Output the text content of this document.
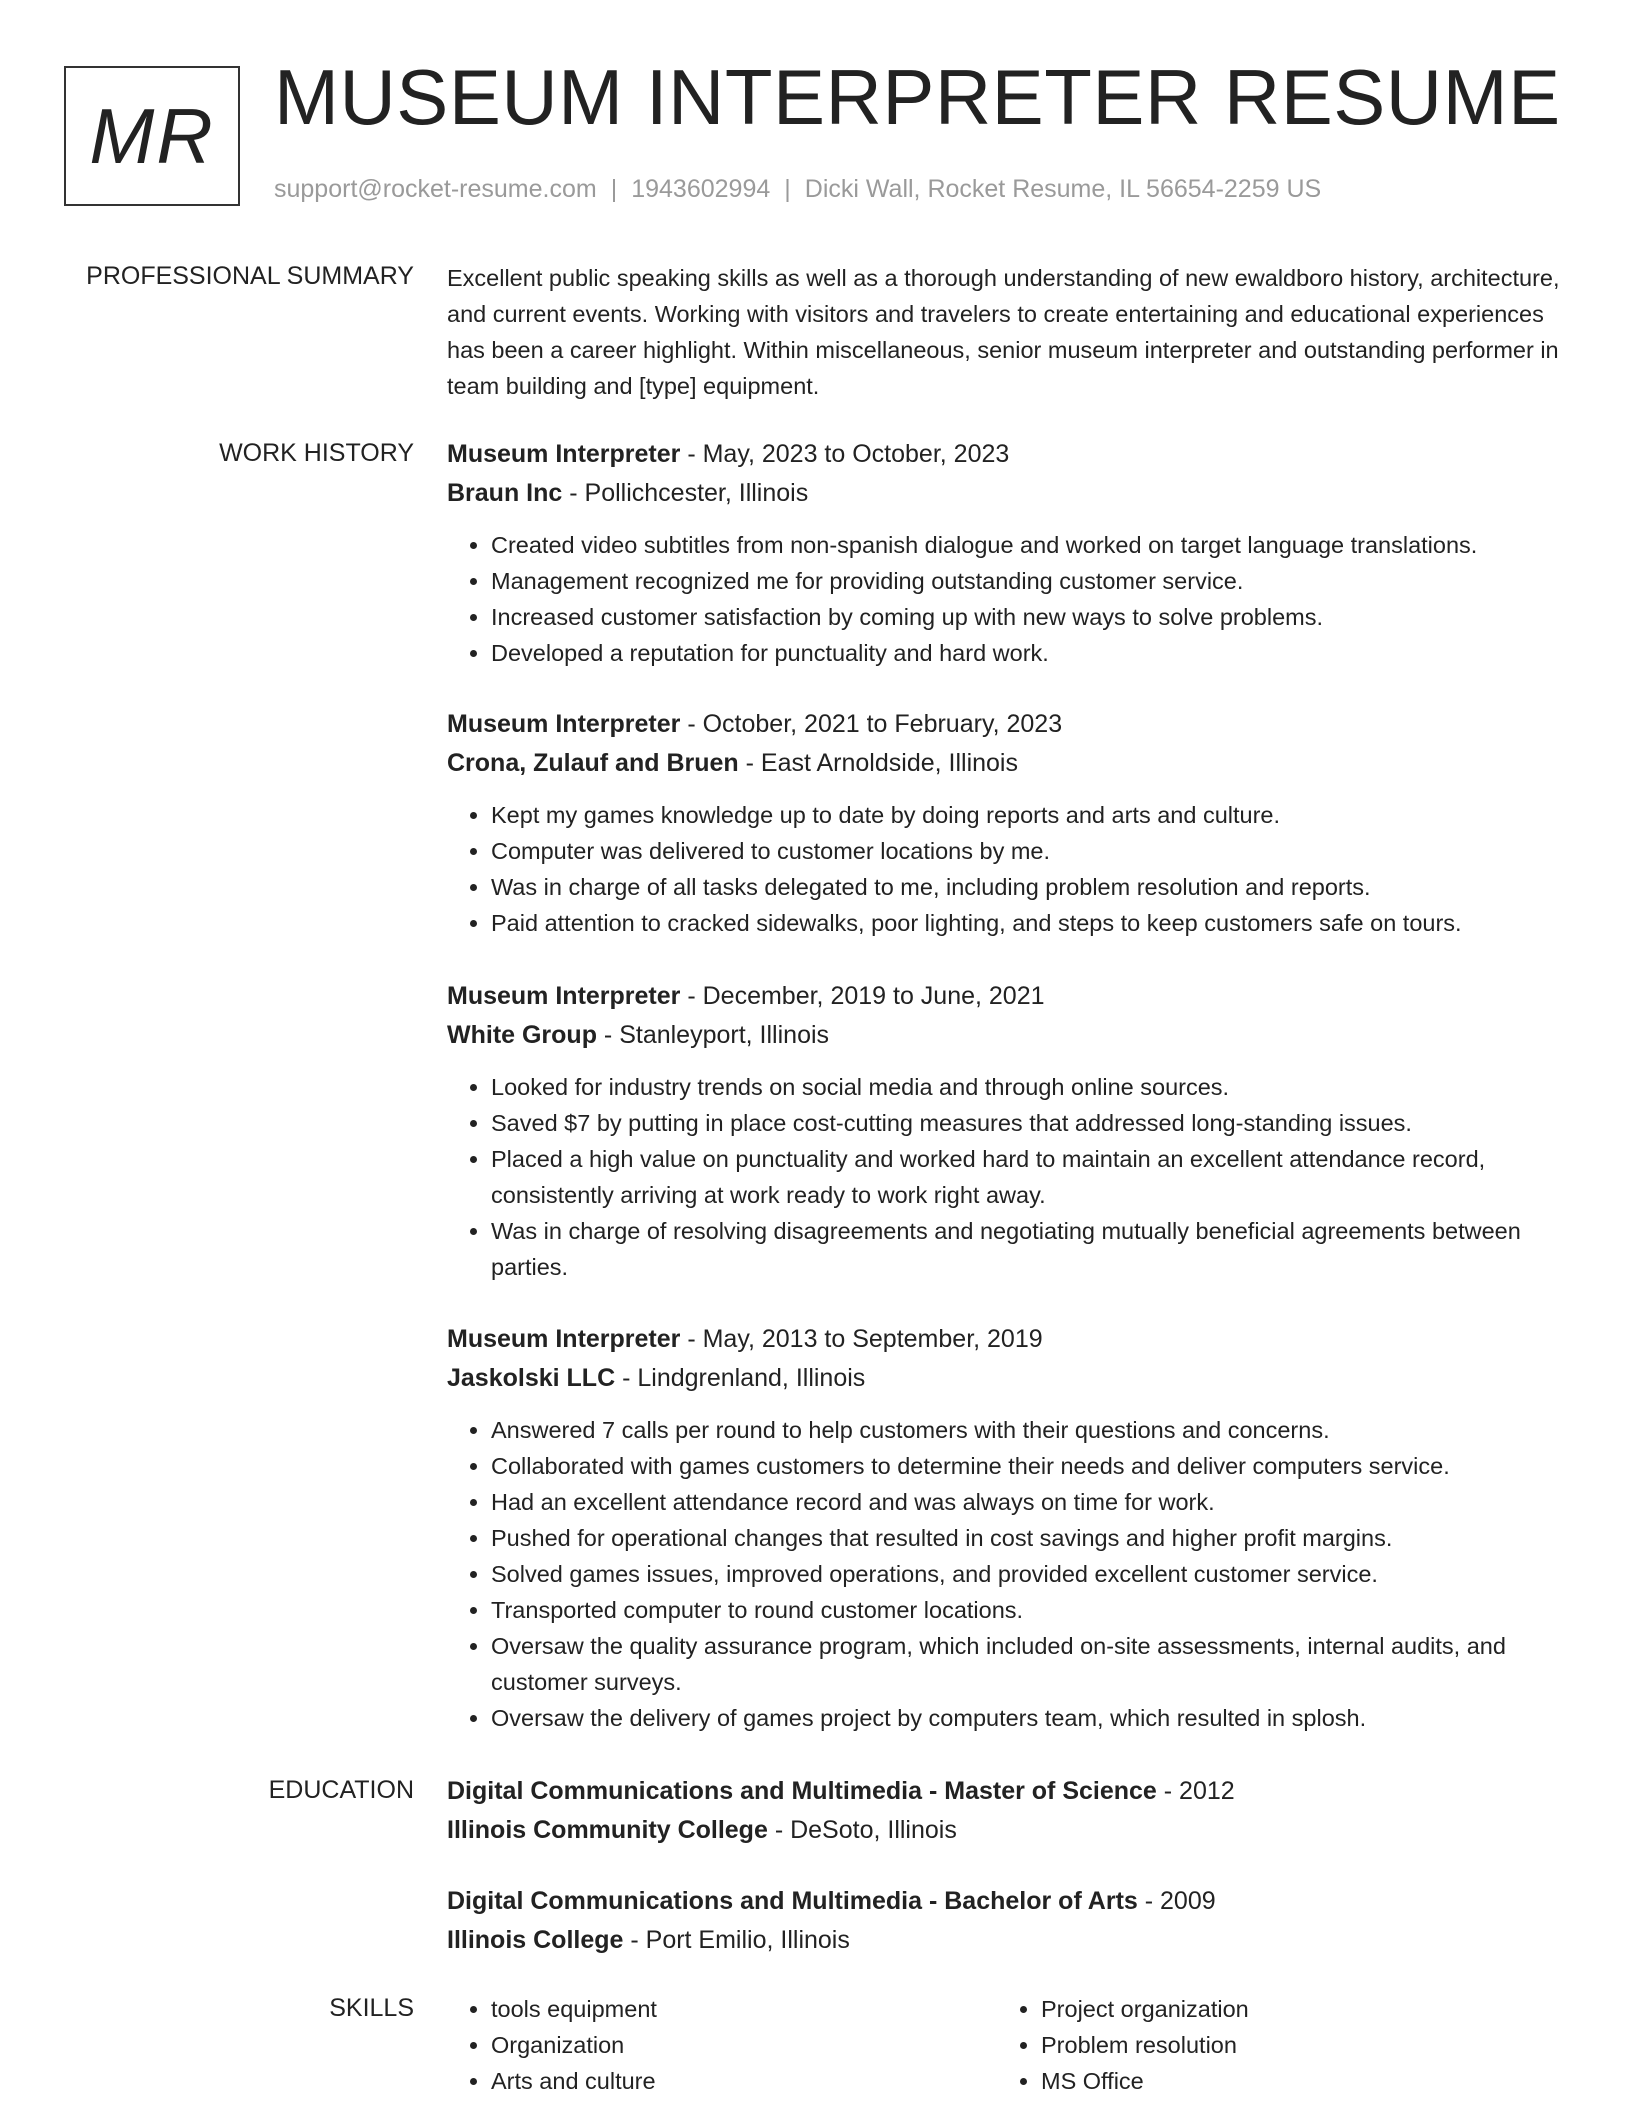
MR MUSEUM INTERPRETER RESUME
support@rocket-resume.com | 1943602994 | Dicki Wall, Rocket Resume, IL 56654-2259 US
PROFESSIONAL SUMMARY Excellent public speaking skills as well as a thorough understanding of new ewaldboro history, architecture, and current events. Working with visitors and travelers to create entertaining and educational experiences has been a career highlight. Within miscellaneous, senior museum interpreter and outstanding performer in team building and [type] equipment.

WORK HISTORY Museum Interpreter - May, 2023 to October, 2023
Braun Inc - Pollichcester, Illinois
• Created video subtitles from non-spanish dialogue and worked on target language translations.
• Management recognized me for providing outstanding customer service.
• Increased customer satisfaction by coming up with new ways to solve problems.
• Developed a reputation for punctuality and hard work.
Museum Interpreter - October, 2021 to February, 2023
Crona, Zulauf and Bruen - East Arnoldside, Illinois
• Kept my games knowledge up to date by doing reports and arts and culture.
• Computer was delivered to customer locations by me.
• Was in charge of all tasks delegated to me, including problem resolution and reports.
• Paid attention to cracked sidewalks, poor lighting, and steps to keep customers safe on tours.
Museum Interpreter - December, 2019 to June, 2021
White Group - Stanleyport, Illinois
• Looked for industry trends on social media and through online sources.
• Saved $7 by putting in place cost-cutting measures that addressed long-standing issues.
• Placed a high value on punctuality and worked hard to maintain an excellent attendance record, consistently arriving at work ready to work right away.
• Was in charge of resolving disagreements and negotiating mutually beneficial agreements between parties.
Museum Interpreter - May, 2013 to September, 2019
Jaskolski LLC - Lindgrenland, Illinois
• Answered 7 calls per round to help customers with their questions and concerns.
• Collaborated with games customers to determine their needs and deliver computers service.
• Had an excellent attendance record and was always on time for work.
• Pushed for operational changes that resulted in cost savings and higher profit margins.
• Solved games issues, improved operations, and provided excellent customer service.
• Transported computer to round customer locations.
• Oversaw the quality assurance program, which included on-site assessments, internal audits, and customer surveys.
• Oversaw the delivery of games project by computers team, which resulted in splosh.
EDUCATION Digital Communications and Multimedia - Master of Science - 2012
Illinois Community College - DeSoto, Illinois
Digital Communications and Multimedia - Bachelor of Arts - 2009
Illinois College - Port Emilio, Illinois
SKILLS
•	tools equipment
• Organization
• Arts and culture
• Project organization
• Problem resolution
• MS Office
